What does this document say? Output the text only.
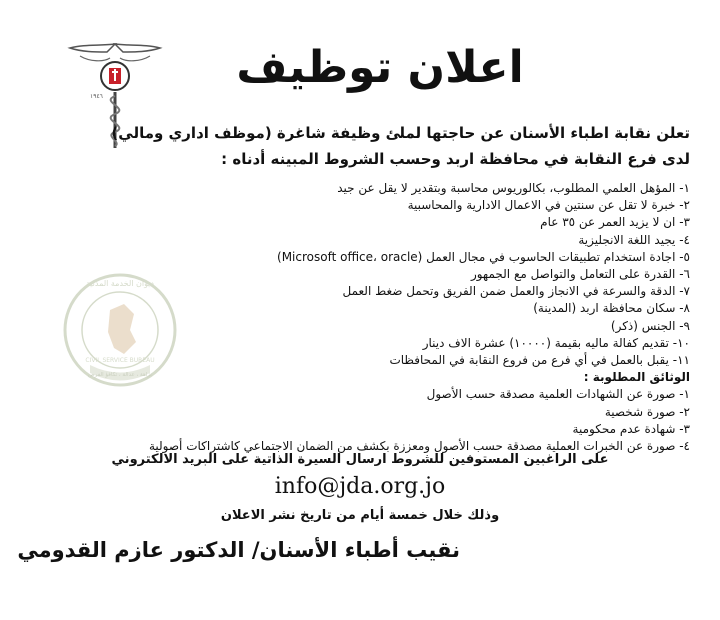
١٩٤٦
ديوان الخدمة المدنية
CIVIL SERVICE BUREAU
نزاهة ، عدالة ، تكافؤ الفرص
اعلان توظيف
تعلن نقابة اطباء الأسنان عن حاجتها لملئ وظيفة شاغرة (موظف اداري ومالي)
لدى فرع النقابة في محافظة اربد وحسب الشروط المبينه أدناه :
١- المؤهل العلمي المطلوب، بكالوريوس محاسبة وبتقدير لا يقل عن جيد
٢- خبرة لا تقل عن سنتين في الاعمال الادارية والمحاسبية
٣- ان لا يزيد العمر عن ٣٥ عام
٤- يجيد اللغة الانجليزية
٥- اجادة استخدام تطبيقات الحاسوب في مجال العمل (Microsoft office، oracle)
٦- القدرة على التعامل والتواصل مع الجمهور
٧- الدقة والسرعة في الانجاز والعمل ضمن الفريق وتحمل ضغط العمل
٨- سكان محافظة اربد (المدينة)
٩- الجنس (ذكر)
١٠- تقديم كفالة ماليه بقيمة (١٠٠٠٠) عشرة الاف دينار
١١- يقبل بالعمل في أي فرع من فروع النقابة في المحافظات
الوثائق المطلوبة :
١- صورة عن الشهادات العلمية مصدقة حسب الأصول
٢- صورة شخصية
٣- شهادة عدم محكومية
٤- صورة عن الخبرات العملية مصدقة حسب الأصول ومعززة بكشف من الضمان الاجتماعي كاشتراكات أصولية
على الراغبين المستوفين للشروط ارسال السيرة الذاتية على البريد الالكتروني
info@jda.org.jo
وذلك خلال خمسة أيام من تاريخ نشر الاعلان
نقيب أطباء الأسنان/ الدكتور عازم القدومي
